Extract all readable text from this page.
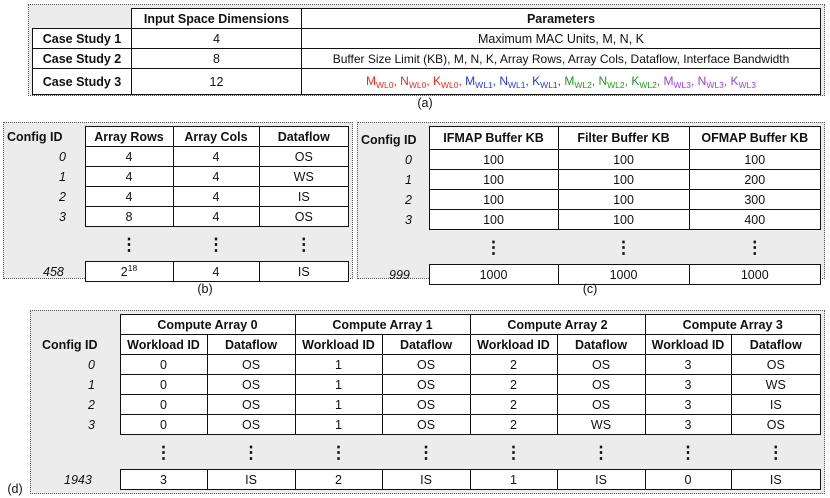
	Input Space Dimensions	Parameters
Case Study 1	4	Maximum MAC Units, M, N, K
Case Study 2	8	Buffer Size Limit (KB), M, N, K, Array Rows, Array Cols, Dataflow, Interface Bandwidth
Case Study 3	12	$M_{WL0}$, $N_{WL0}$, $K_{WL0}$, $M_{WL1}$, $N_{WL1}$, $K_{WL1}$, $M_{WL2}$, $N_{WL2}$, $K_{WL2}$, $M_{WL3}$, $N_{WL3}$, $K_{WL3}$
(a)
Config ID	Array Rows	Array Cols	Dataflow
0	4	4	OS
1	4	4	WS
2	4	4	IS
3	8	4	OS
	⋮	⋮	⋮
458	$2^{18}$	4	IS
(b)
Config ID	IFMAP Buffer KB	Filter Buffer KB	OFMAP Buffer KB
0	100	100	100
1	100	100	200
2	100	100	300
3	100	100	400
	⋮	⋮	⋮
999	1000	1000	1000
(c)
	Compute Array 0		Compute Array 1		Compute Array 2		Compute Array 3	
Config ID	Workload ID	Dataflow	Workload ID	Dataflow	Workload ID	Dataflow	Workload ID	Dataflow
0	0	OS	1	OS	2	OS	3	OS
1	0	OS	1	OS	2	OS	3	WS
2	0	OS	1	OS	2	OS	3	IS
3	0	OS	1	OS	2	WS	3	OS
	⋮	⋮	⋮	⋮	⋮	⋮	⋮	⋮
1943	3	IS	2	IS	1	IS	0	IS
(d)
